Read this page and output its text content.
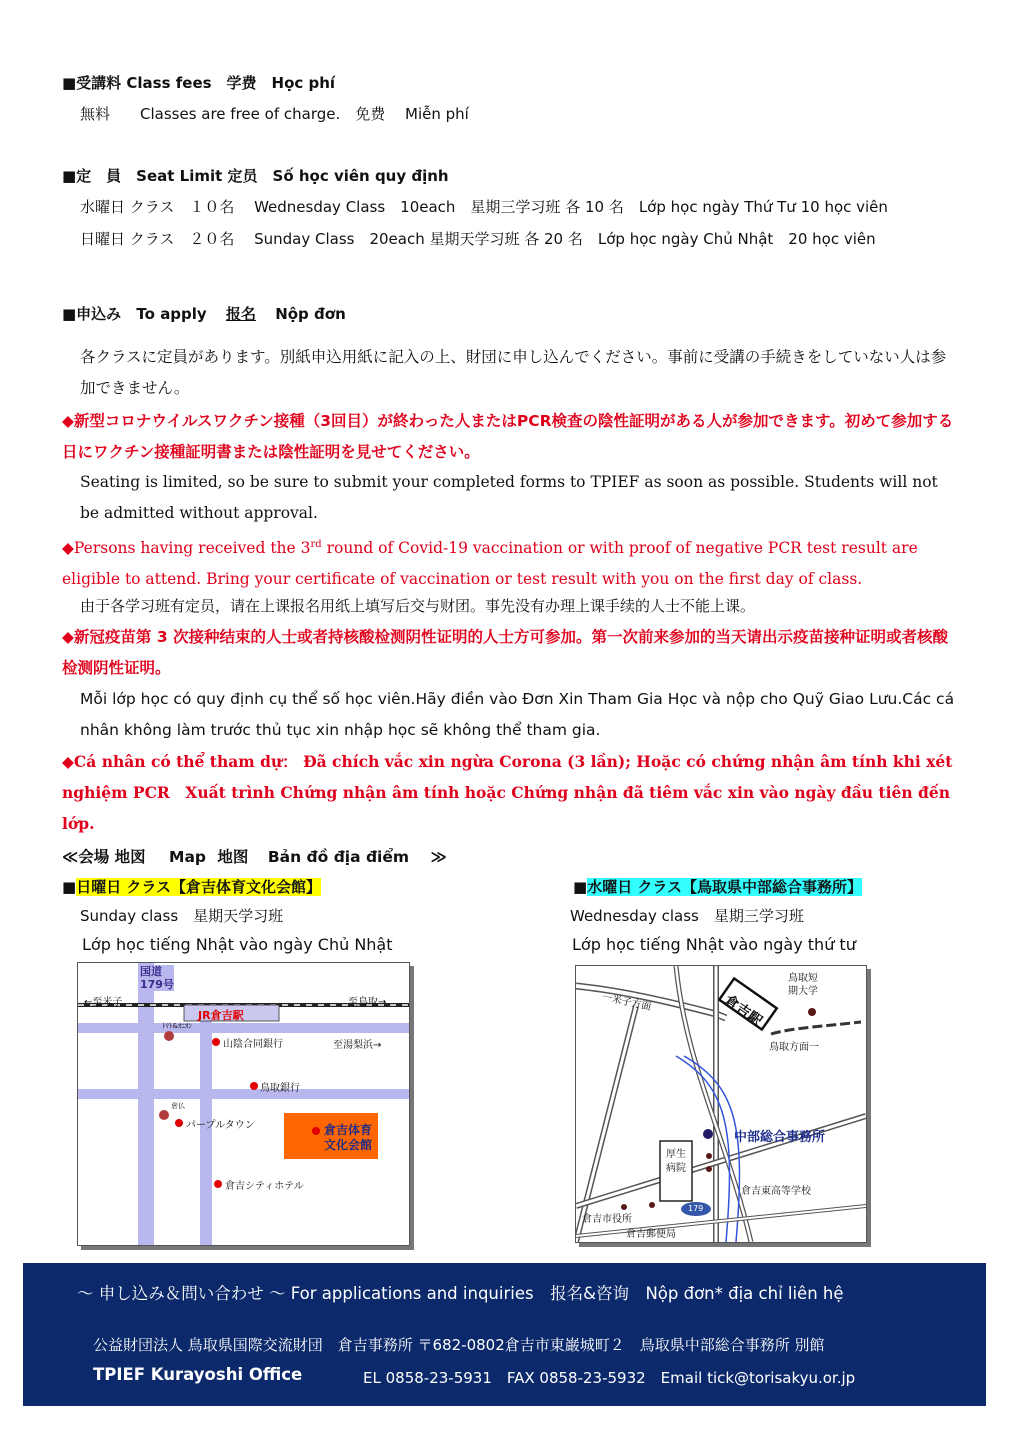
■受講料 Class fees　学费　Học phí
無料　　Classes are free of charge.　免费　 Miễn phí
■定　員　Seat Limit 定员　Số học viên quy định
水曜日 クラス　１０名　 Wednesday Class　10each　星期三学习班 各 10 名　Lớp học ngày Thứ Tư 10 học viên
日曜日 クラス　２０名　 Sunday Class　20each 星期天学习班 各 20 名　Lớp học ngày Chủ Nhật　20 học viên
■申込み To apply 报名 Nộp đơn
各クラスに定員があります。別紙申込用紙に記入の上、財団に申し込んでください。事前に受講の手続きをしていない人は参加できません。
◆新型コロナウイルスワクチン接種（3回目）が終わった人またはPCR検査の陰性証明がある人が参加できます。初めて参加する日にワクチン接種証明書または陰性証明を見せてください。
Seating is limited, so be sure to submit your completed forms to TPIEF as soon as possible. Students will not be admitted without approval.
◆Persons having received the 3rd round of Covid-19 vaccination or with proof of negative PCR test result are eligible to attend. Bring your certificate of vaccination or test result with you on the first day of class.
由于各学习班有定员，请在上课报名用纸上填写后交与财团。事先没有办理上课手续的人士不能上课。
◆新冠疫苗第 3 次接种结束的人士或者持核酸检测阴性证明的人士方可参加。第一次前来参加的当天请出示疫苗接种证明或者核酸检测阴性证明。
Mỗi lớp học có quy định cụ thể số học viên.Hãy điền vào Đơn Xin Tham Gia Học và nộp cho Quỹ Giao Lưu.Các cá nhân không làm trước thủ tục xin nhập học sẽ không thể tham gia.
◆Cá nhân có thể tham dự： Đã chích vắc xin ngừa Corona (3 lần); Hoặc có chứng nhận âm tính khi xét nghiệm PCR　Xuất trình Chứng nhận âm tính hoặc Chứng nhận đã tiêm vắc xin vào ngày đầu tiên đến lớp.
≪会場 地図 Map 地图 Bản đồ địa điểm ≫
■日曜日 クラス【倉吉体育文化会館】
Sunday class　星期天学习班
Lớp học tiếng Nhật vào ngày Chủ Nhật
■水曜日 クラス【鳥取県中部総合事務所】
Wednesday class　星期三学习班
Lớp học tiếng Nhật vào ngày thứ tư
国道
179号
←至米子
JR倉吉駅
至鳥取→
ﾄﾏﾄ&ｵﾆｵﾝ
山陰合同銀行	至湯梨浜→
鳥取銀行
倉仏
パープルタウン	倉吉体育
文化会館
倉吉シティホテル
一米子方面	倉吉駅
鳥取短
期大学
鳥取方面一
中部総合事務所
厚生
病院
倉吉東高等学校
179
倉吉市役所
倉吉郵便局
～ 申し込み＆問い合わせ ～ For applications and inquiries　报名&咨询　Nộp đơn* địa chỉ liên hệ
公益財団法人 鳥取県国際交流財団　倉吉事務所 〒682-0802倉吉市東巌城町２　鳥取県中部総合事務所 別館
TPIEF Kurayoshi Office	EL 0858-23-5931　FAX 0858-23-5932　Email tick@torisakyu.or.jp
